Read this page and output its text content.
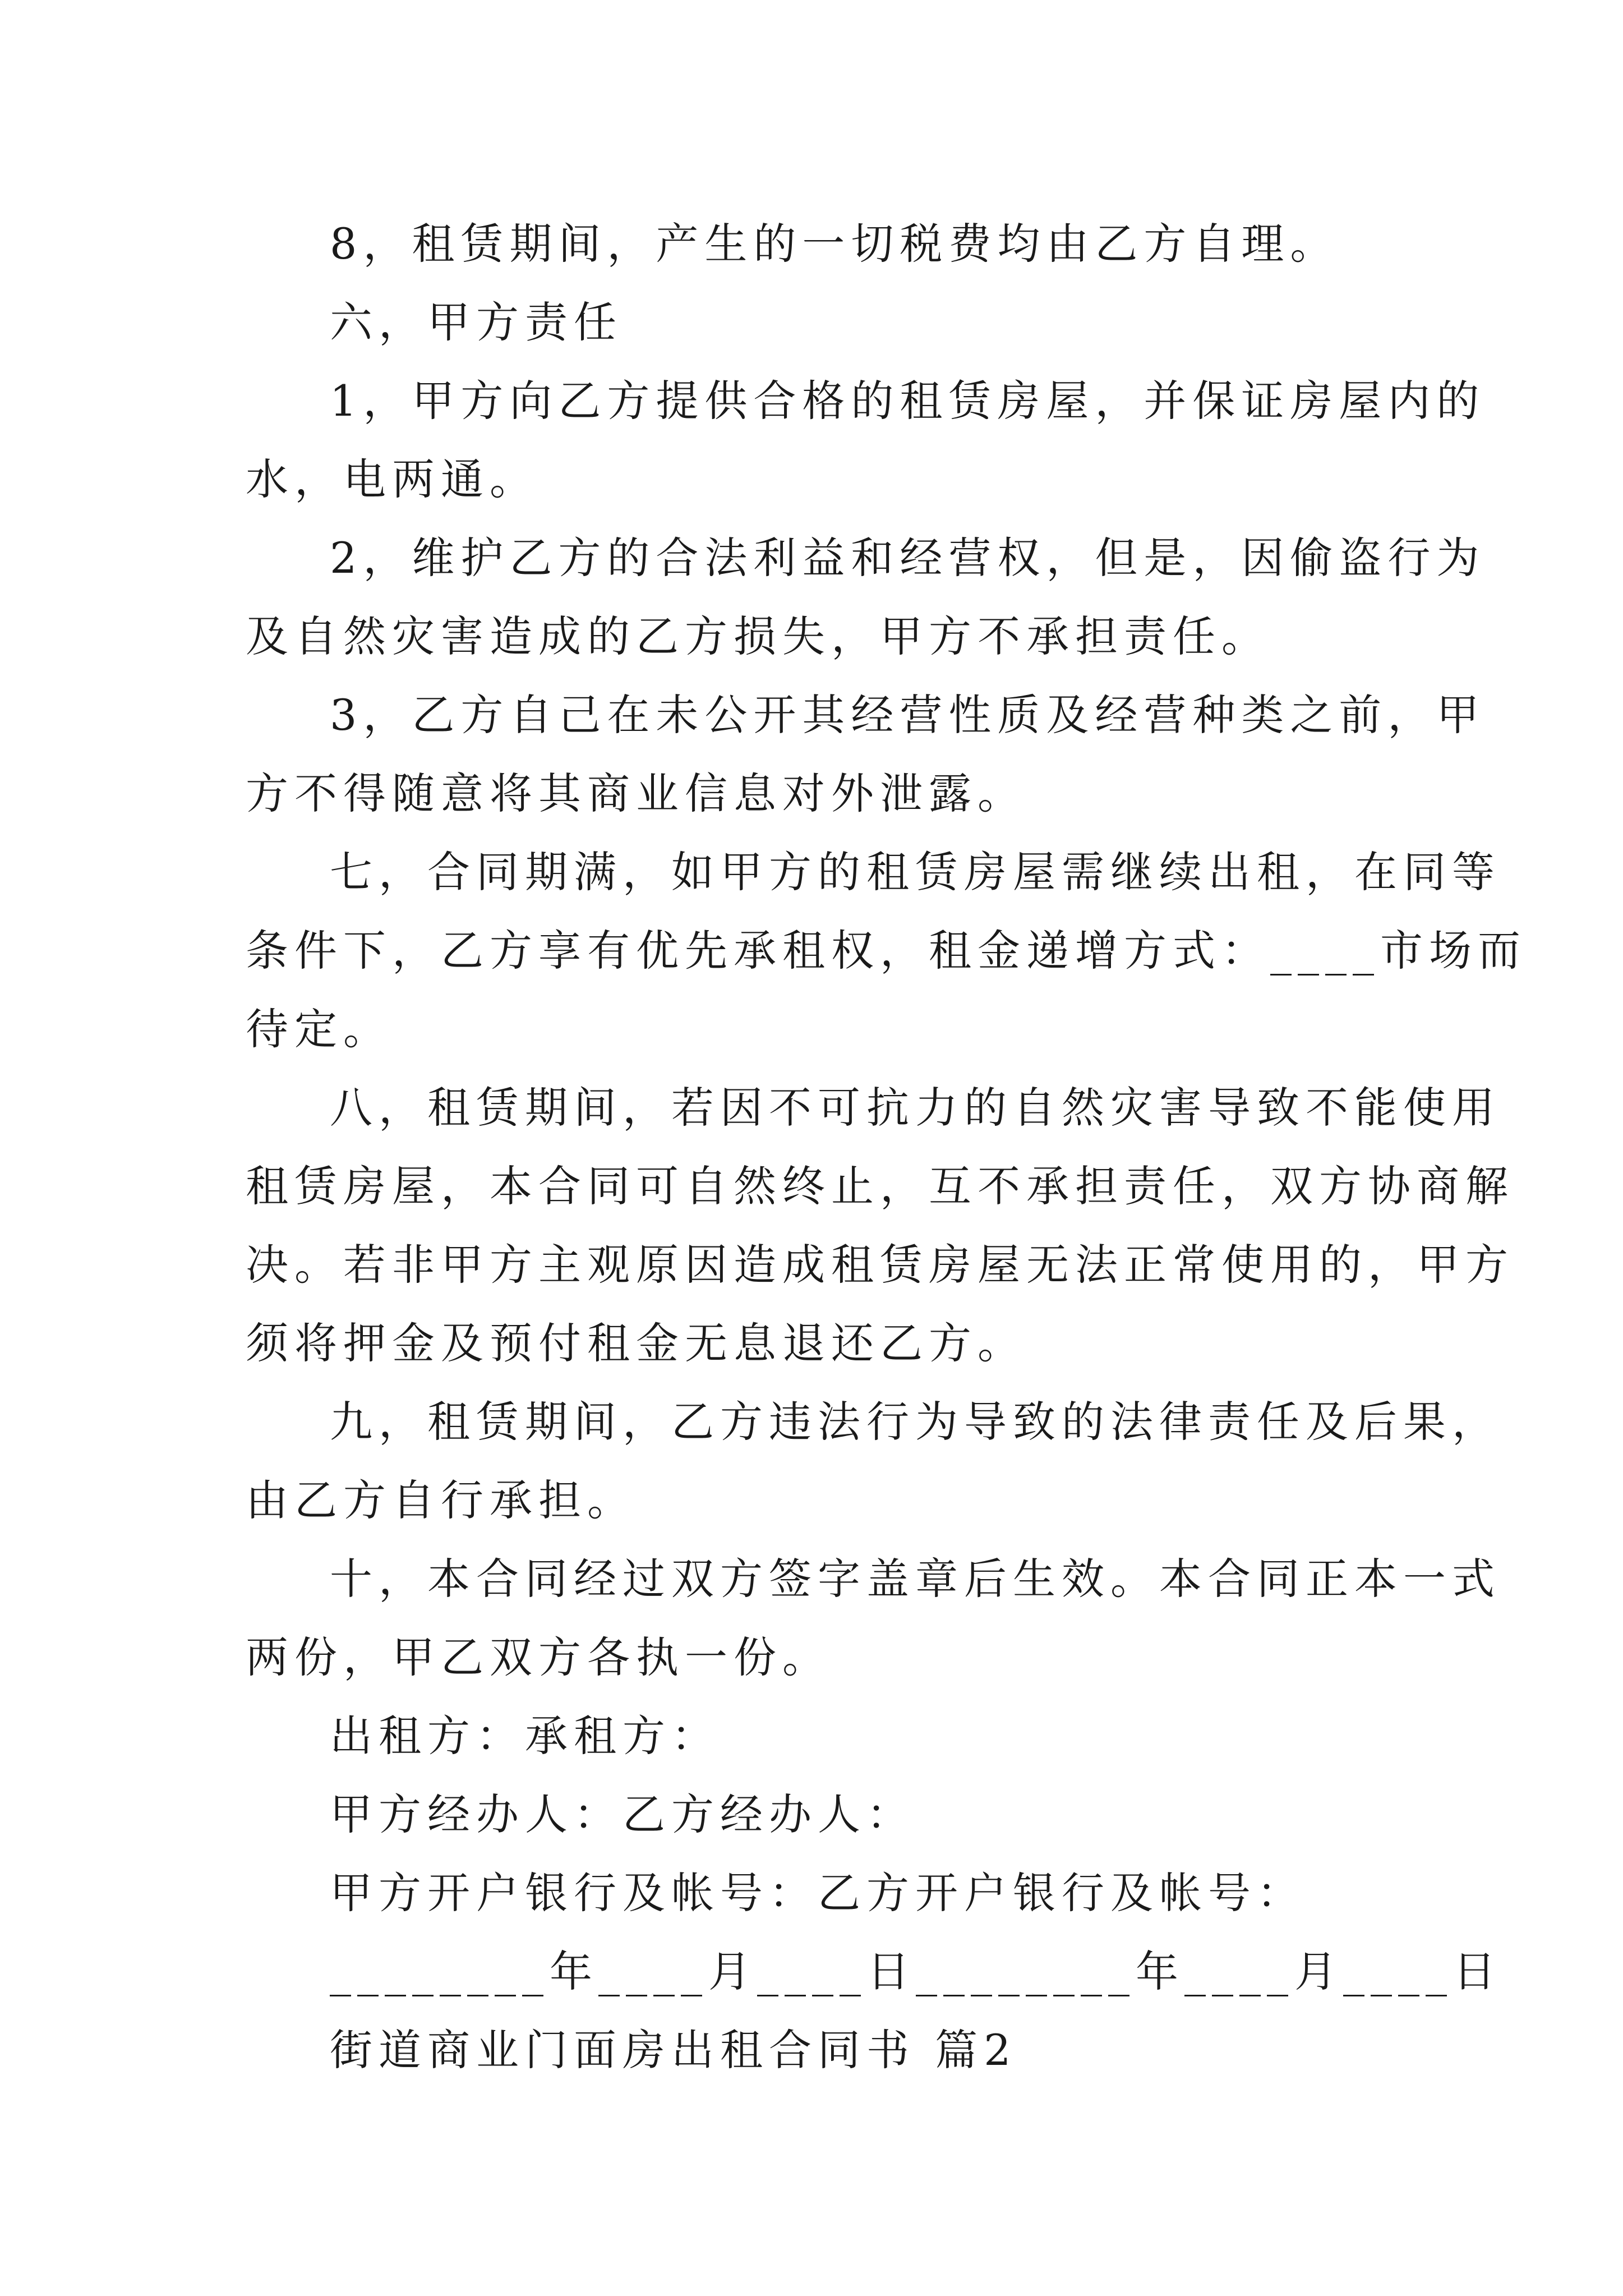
8，租赁期间，产生的一切税费均由乙方自理。
六，甲方责任
1，甲方向乙方提供合格的租赁房屋，并保证房屋内的
水，电两通。
2，维护乙方的合法利益和经营权，但是，因偷盗行为
及自然灾害造成的乙方损失，甲方不承担责任。
3，乙方自己在未公开其经营性质及经营种类之前，甲
方不得随意将其商业信息对外泄露。
七，合同期满，如甲方的租赁房屋需继续出租，在同等
条件下，乙方享有优先承租权，租金递增方式：____市场而
待定。
八，租赁期间，若因不可抗力的自然灾害导致不能使用
租赁房屋，本合同可自然终止，互不承担责任，双方协商解
决。若非甲方主观原因造成租赁房屋无法正常使用的，甲方
须将押金及预付租金无息退还乙方。
九，租赁期间，乙方违法行为导致的法律责任及后果，
由乙方自行承担。
十，本合同经过双方签字盖章后生效。本合同正本一式
两份，甲乙双方各执一份。
出租方：承租方：
甲方经办人：乙方经办人：
甲方开户银行及帐号：乙方开户银行及帐号：
________年____月____日________年____月____日
街道商业门面房出租合同书 篇2
